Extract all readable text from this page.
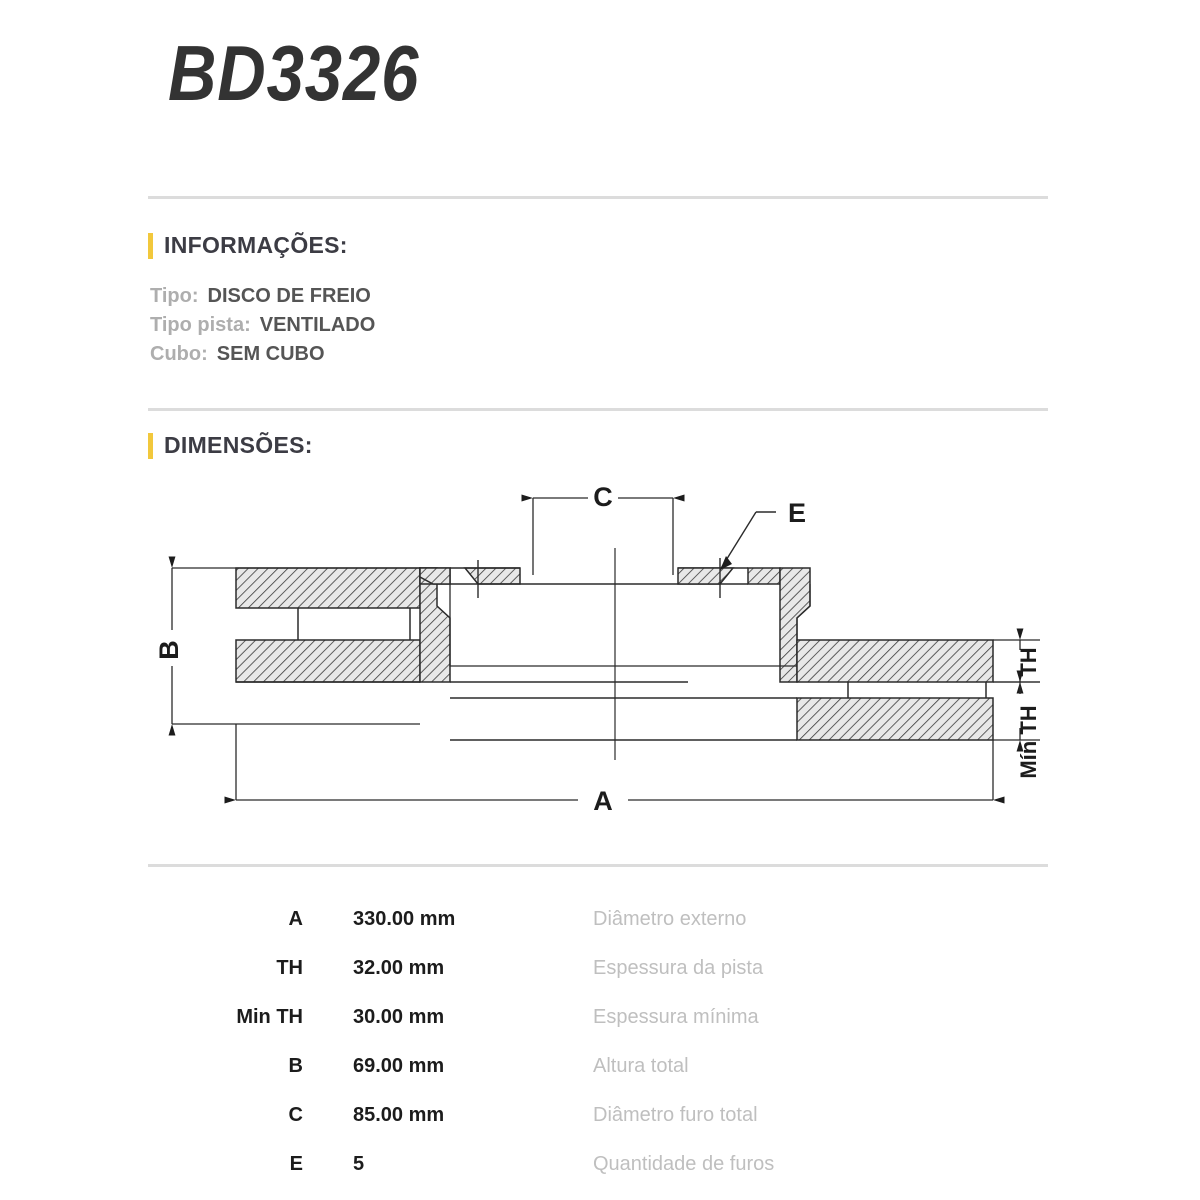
BD3326
INFORMAÇÕES:
Tipo: DISCO DE FREIO
Tipo pista: VENTILADO
Cubo: SEM CUBO
DIMENSÕES:
C
E
B
A
TH
Mín TH
A	330.00 mm	Diâmetro externo
TH	32.00 mm	Espessura da pista
Min TH	30.00 mm	Espessura mínima
B	69.00 mm	Altura total
C	85.00 mm	Diâmetro furo total
E	5	Quantidade de furos
